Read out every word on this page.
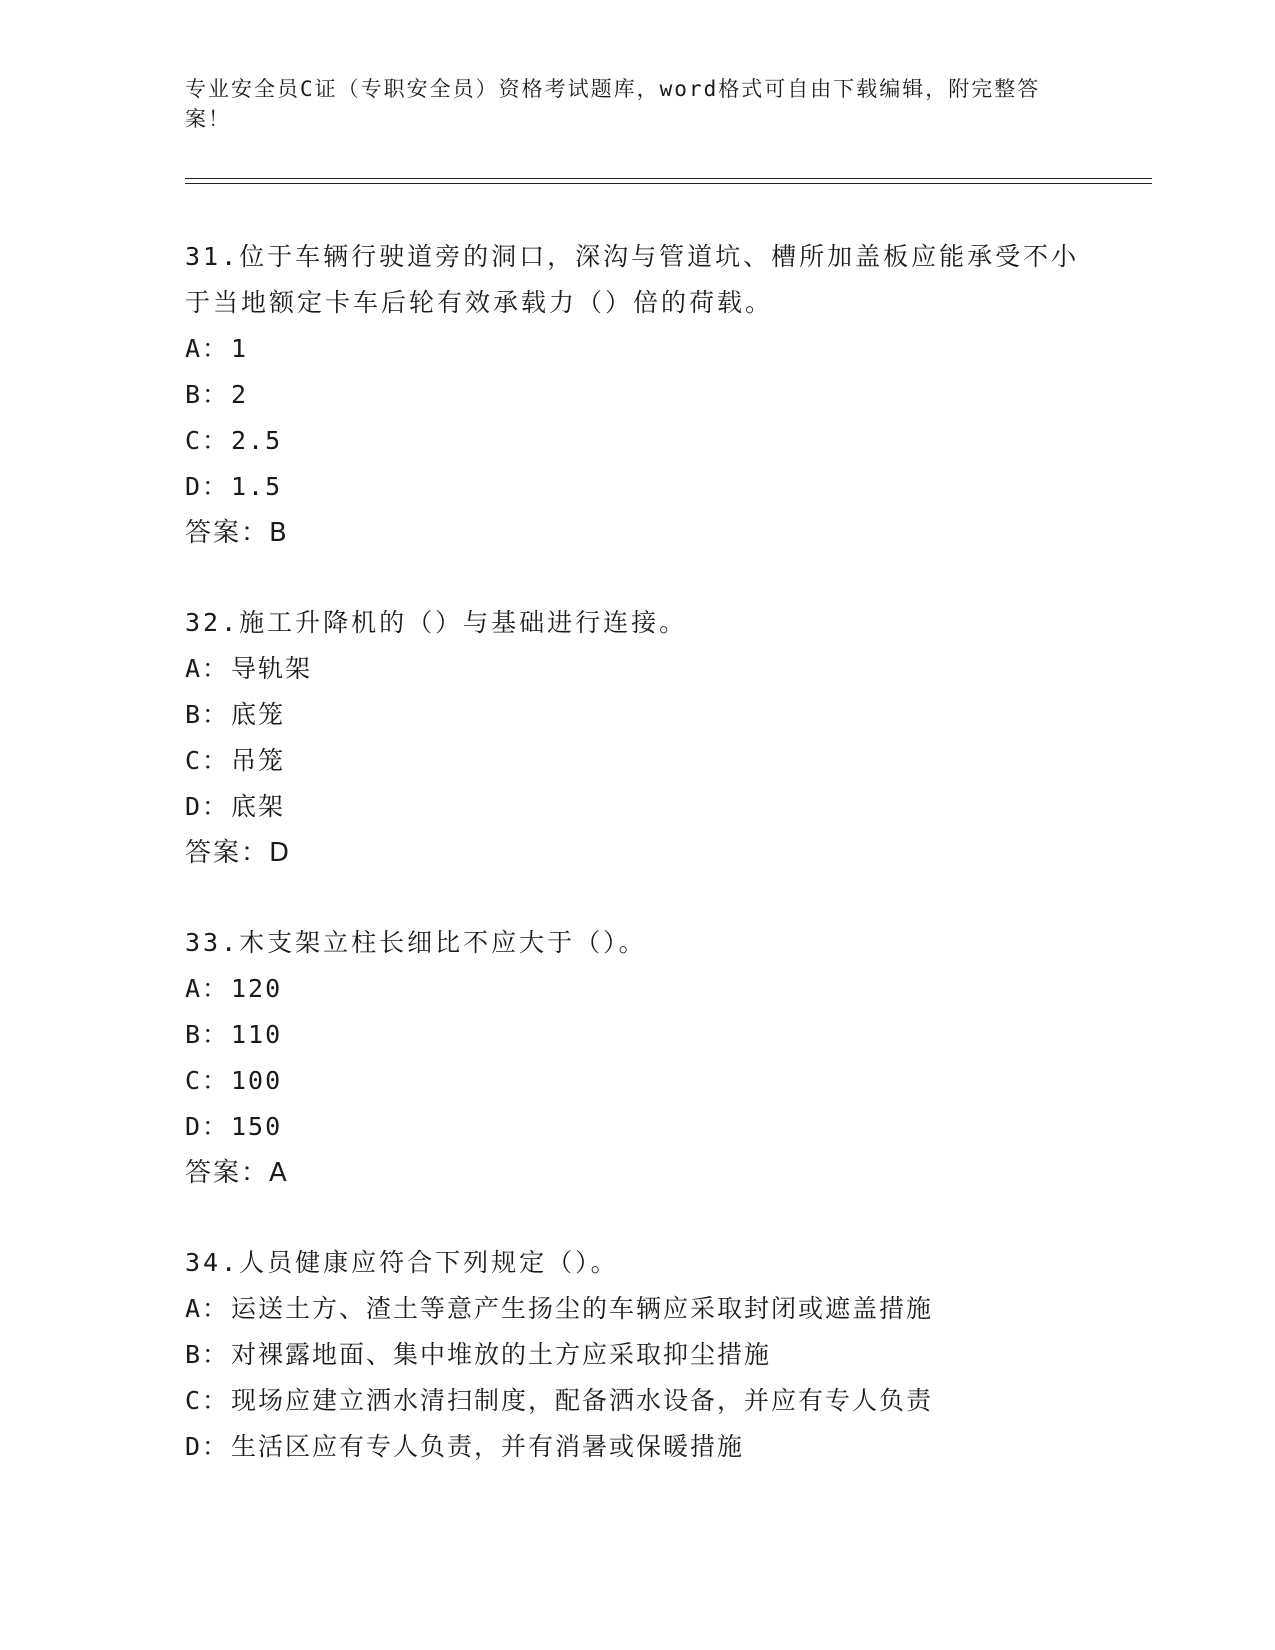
专业安全员C证（专职安全员）资格考试题库，word格式可自由下载编辑，附完整答案！

31.位于车辆行驶道旁的洞口，深沟与管道坑、槽所加盖板应能承受不小于当地额定卡车后轮有效承载力（）倍的荷载。

A：1

B：2

C：2.5

D：1.5

答案：B

32.施工升降机的（）与基础进行连接。

A：导轨架

B：底笼

C：吊笼

D：底架

答案：D

33.木支架立柱长细比不应大于（）。

A：120

B：110

C：100

D：150

答案：A

34.人员健康应符合下列规定（）。

A：运送土方、渣土等意产生扬尘的车辆应采取封闭或遮盖措施

B：对裸露地面、集中堆放的土方应采取抑尘措施

C：现场应建立洒水清扫制度，配备洒水设备，并应有专人负责

D：生活区应有专人负责，并有消暑或保暖措施
